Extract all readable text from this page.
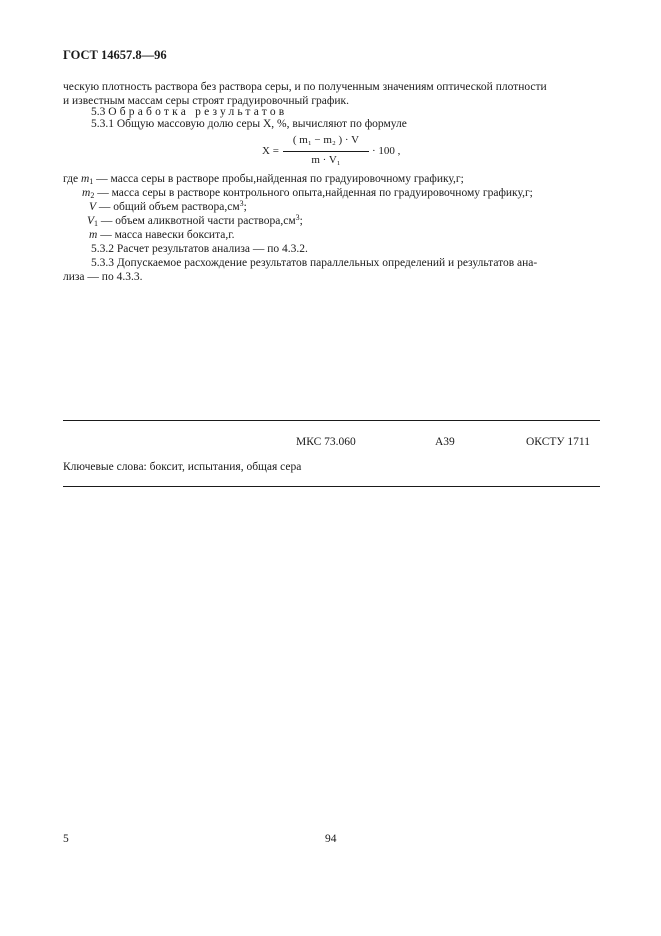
ГОСТ 14657.8—96
ческую плотность раствора без раствора серы, и по полученным значениям оптической плотности
и известным массам серы строят градуировочный график.
5.3 Обработка результатов
5.3.1 Общую массовую долю серы X, %, вычисляют по формуле
X =
( m₁ − m₂ ) · V
m · V₁
· 100 ,
где $m_1$ — масса серы в растворе пробы,найденная по градуировочному графику,г;
$m_2$ — масса серы в растворе контрольного опыта,найденная по градуировочному графику,г;
V — общий объем $раствора,см^3$;
$V_1$ — объем аликвотной части $раствора,см^3$;
m — масса навески боксита,г.
5.3.2 Расчет результатов анализа — по 4.3.2.
5.3.3 Допускаемое расхождение результатов параллельных определений и результатов ана-
лиза — по 4.3.3.
МКС 73.060	А39	ОКСТУ 1711
Ключевые слова: боксит, испытания, общая сера
5	94
